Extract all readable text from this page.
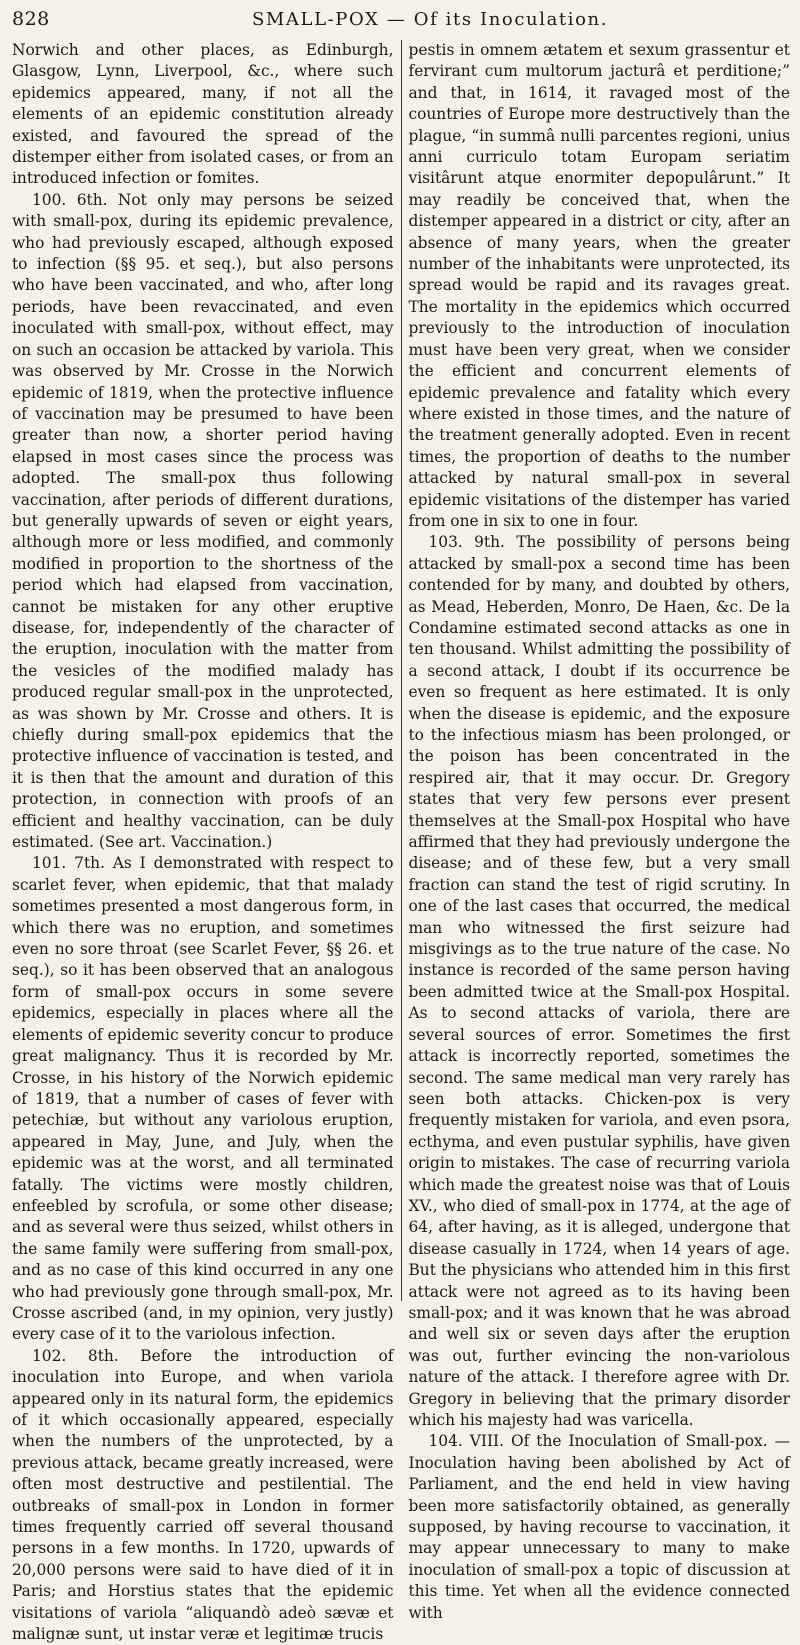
828	SMALL-POX — Of its Inoculation.

Norwich and other places, as Edinburgh, Glasgow, Lynn, Liverpool, &c., where such epidemics appeared, many, if not all the elements of an epidemic constitution already existed, and favoured the spread of the distemper either from isolated cases, or from an introduced infection or fomites.

100. 6th. Not only may persons be seized with small-pox, during its epidemic prevalence, who had previously escaped, although exposed to infection (§§ 95. et seq.), but also persons who have been vaccinated, and who, after long periods, have been revaccinated, and even inoculated with small-pox, without effect, may on such an occasion be attacked by variola. This was observed by Mr. Crosse in the Norwich epidemic of 1819, when the protective influence of vaccination may be presumed to have been greater than now, a shorter period having elapsed in most cases since the process was adopted. The small-pox thus following vaccination, after periods of different durations, but generally upwards of seven or eight years, although more or less modified, and commonly modified in proportion to the shortness of the period which had elapsed from vaccination, cannot be mistaken for any other eruptive disease, for, independently of the character of the eruption, inoculation with the matter from the vesicles of the modified malady has produced regular small-pox in the unprotected, as was shown by Mr. Crosse and others. It is chiefly during small-pox epidemics that the protective influence of vaccination is tested, and it is then that the amount and duration of this protection, in connection with proofs of an efficient and healthy vaccination, can be duly estimated. (See art. Vaccination.)

101. 7th. As I demonstrated with respect to scarlet fever, when epidemic, that that malady sometimes presented a most dangerous form, in which there was no eruption, and sometimes even no sore throat (see Scarlet Fever, §§ 26. et seq.), so it has been observed that an analogous form of small-pox occurs in some severe epidemics, especially in places where all the elements of epidemic severity concur to produce great malignancy. Thus it is recorded by Mr. Crosse, in his history of the Norwich epidemic of 1819, that a number of cases of fever with petechiæ, but without any variolous eruption, appeared in May, June, and July, when the epidemic was at the worst, and all terminated fatally. The victims were mostly children, enfeebled by scrofula, or some other disease; and as several were thus seized, whilst others in the same family were suffering from small-pox, and as no case of this kind occurred in any one who had previously gone through small-pox, Mr. Crosse ascribed (and, in my opinion, very justly) every case of it to the variolous infection.

102. 8th. Before the introduction of inoculation into Europe, and when variola appeared only in its natural form, the epidemics of it which occasionally appeared, especially when the numbers of the unprotected, by a previous attack, became greatly increased, were often most destructive and pestilential. The outbreaks of small-pox in London in former times frequently carried off several thousand persons in a few months. In 1720, upwards of 20,000 persons were said to have died of it in Paris; and Horstius states that the epidemic visitations of variola “aliquandò adeò sævæ et malignæ sunt, ut instar veræ et legitimæ trucis

pestis in omnem ætatem et sexum grassentur et fervirant cum multorum jacturâ et perditione;” and that, in 1614, it ravaged most of the countries of Europe more destructively than the plague, “in summâ nulli parcentes regioni, unius anni curriculo totam Europam seriatim visitârunt atque enormiter depopulârunt.” It may readily be conceived that, when the distemper appeared in a district or city, after an absence of many years, when the greater number of the inhabitants were unprotected, its spread would be rapid and its ravages great. The mortality in the epidemics which occurred previously to the introduction of inoculation must have been very great, when we consider the efficient and concurrent elements of epidemic prevalence and fatality which every where existed in those times, and the nature of the treatment generally adopted. Even in recent times, the proportion of deaths to the number attacked by natural small-pox in several epidemic visitations of the distemper has varied from one in six to one in four.

103. 9th. The possibility of persons being attacked by small-pox a second time has been contended for by many, and doubted by others, as Mead, Heberden, Monro, De Haen, &c. De la Condamine estimated second attacks as one in ten thousand. Whilst admitting the possibility of a second attack, I doubt if its occurrence be even so frequent as here estimated. It is only when the disease is epidemic, and the exposure to the infectious miasm has been prolonged, or the poison has been concentrated in the respired air, that it may occur. Dr. Gregory states that very few persons ever present themselves at the Small-pox Hospital who have affirmed that they had previously undergone the disease; and of these few, but a very small fraction can stand the test of rigid scrutiny. In one of the last cases that occurred, the medical man who witnessed the first seizure had misgivings as to the true nature of the case. No instance is recorded of the same person having been admitted twice at the Small-pox Hospital. As to second attacks of variola, there are several sources of error. Sometimes the first attack is incorrectly reported, sometimes the second. The same medical man very rarely has seen both attacks. Chicken-pox is very frequently mistaken for variola, and even psora, ecthyma, and even pustular syphilis, have given origin to mistakes. The case of recurring variola which made the greatest noise was that of Louis XV., who died of small-pox in 1774, at the age of 64, after having, as it is alleged, undergone that disease casually in 1724, when 14 years of age. But the physicians who attended him in this first attack were not agreed as to its having been small-pox; and it was known that he was abroad and well six or seven days after the eruption was out, further evincing the non-variolous nature of the attack. I therefore agree with Dr. Gregory in believing that the primary disorder which his majesty had was varicella.

104. VIII. Of the Inoculation of Small-pox. — Inoculation having been abolished by Act of Parliament, and the end held in view having been more satisfactorily obtained, as generally supposed, by having recourse to vaccination, it may appear unnecessary to many to make inoculation of small-pox a topic of discussion at this time. Yet when all the evidence connected with
